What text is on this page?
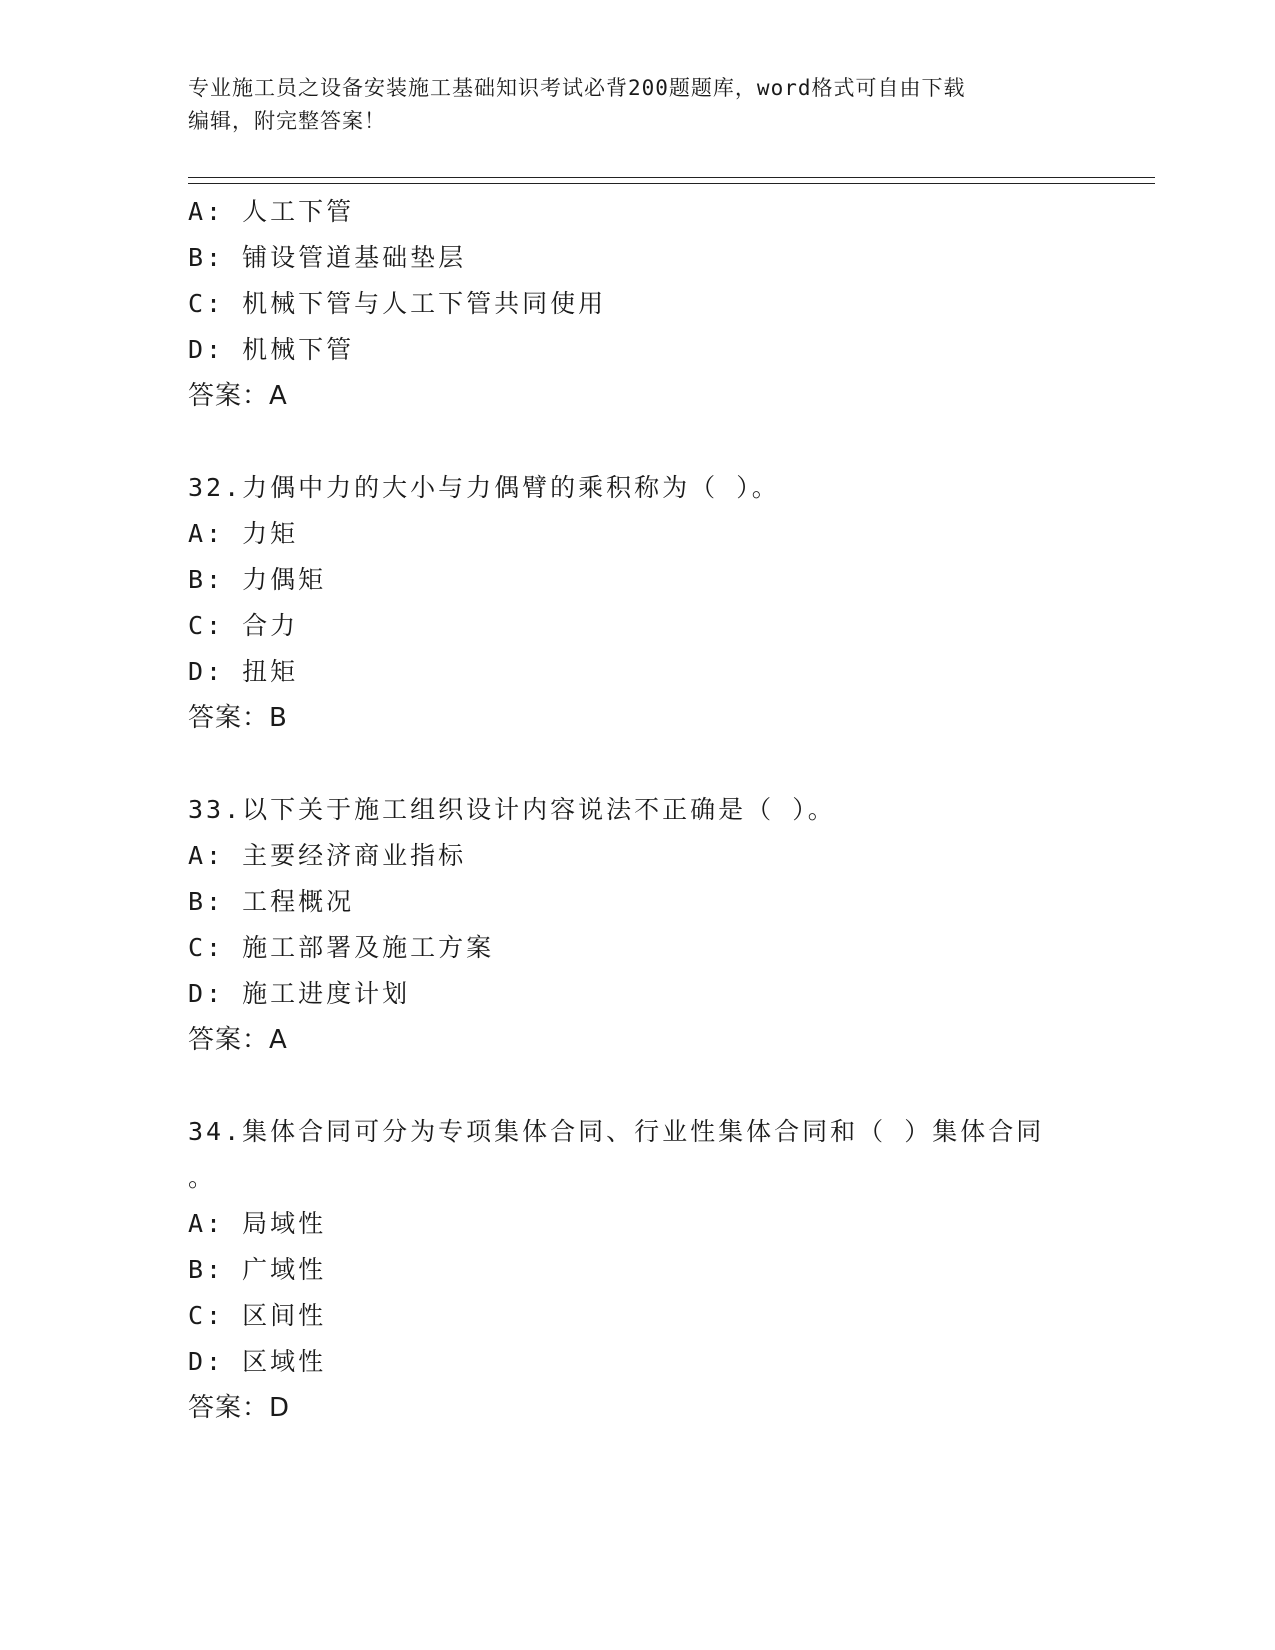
专业施工员之设备安装施工基础知识考试必背200题题库，word格式可自由下载
编辑，附完整答案！
A: 人工下管
B: 铺设管道基础垫层
C: 机械下管与人工下管共同使用
D: 机械下管
答案：A
32.力偶中力的大小与力偶臂的乘积称为（ ）。
A: 力矩
B: 力偶矩
C: 合力
D: 扭矩
答案：B
33.以下关于施工组织设计内容说法不正确是（ ）。
A: 主要经济商业指标
B: 工程概况
C: 施工部署及施工方案
D: 施工进度计划
答案：A
34.集体合同可分为专项集体合同、行业性集体合同和（ ）集体合同
。
A: 局域性
B: 广域性
C: 区间性
D: 区域性
答案：D
